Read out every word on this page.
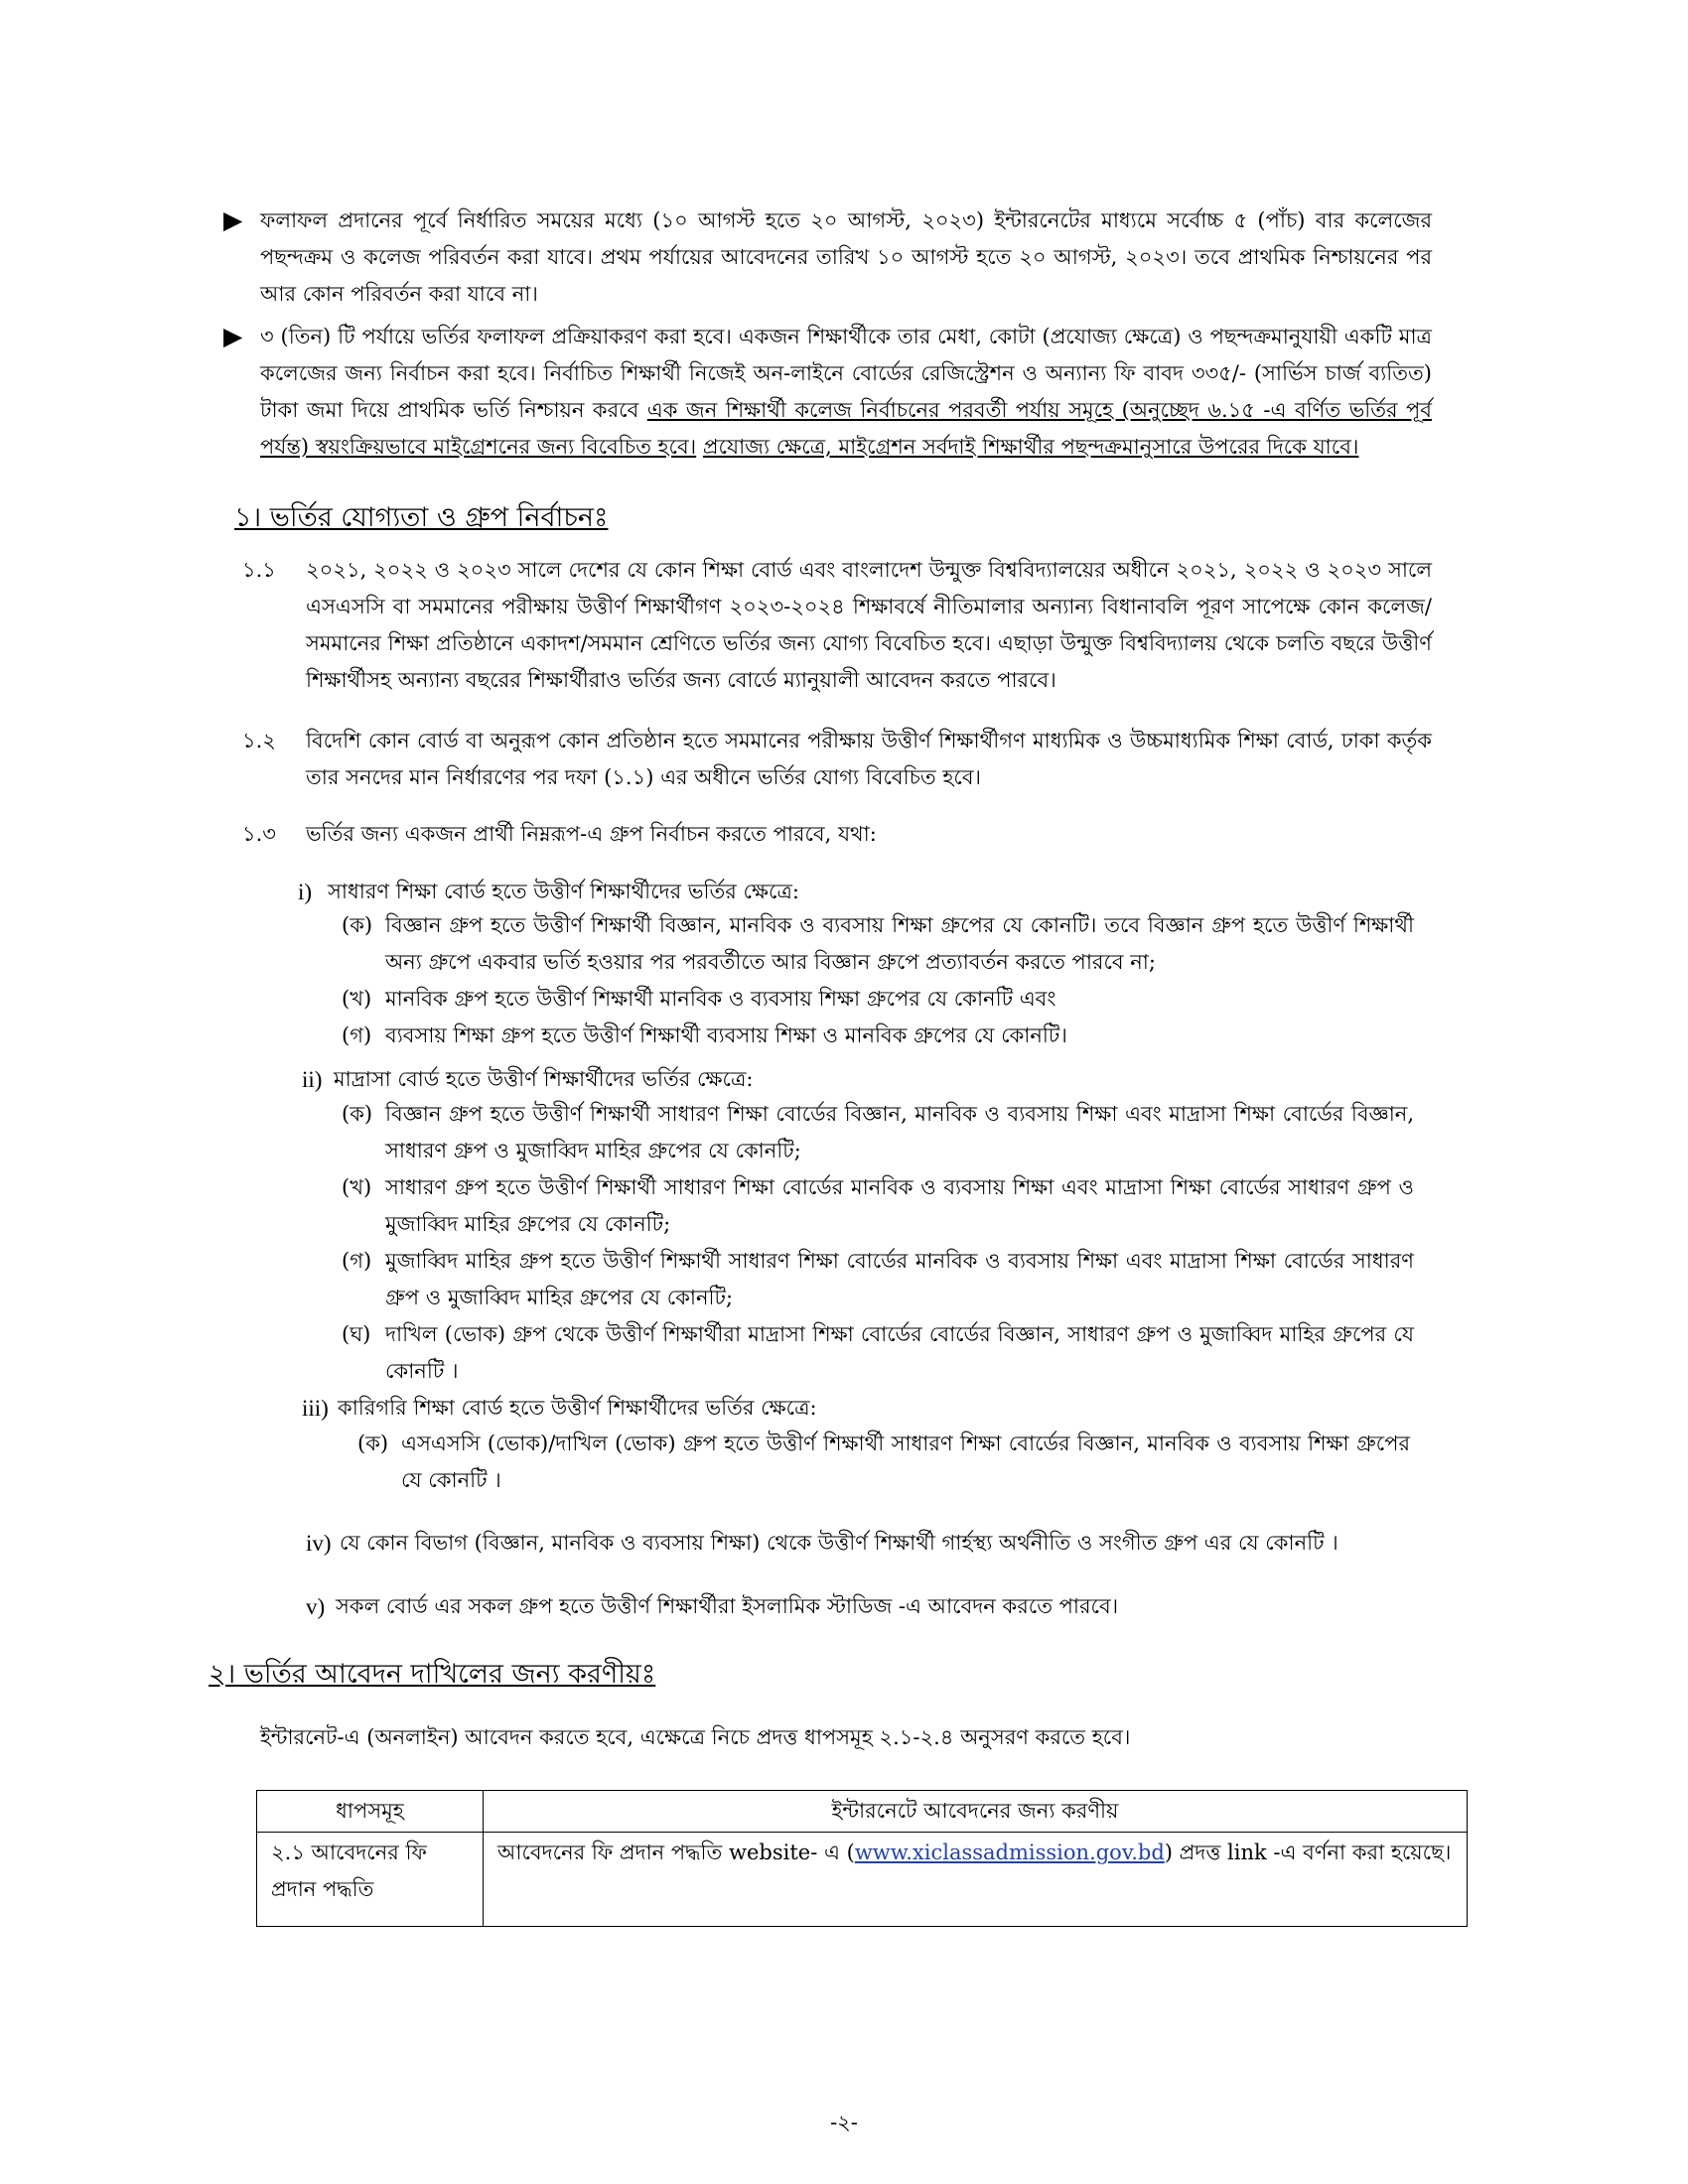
▶ ফলাফল প্রদানের পূর্বে নির্ধারিত সময়ের মধ্যে (১০ আগস্ট হতে ২০ আগস্ট, ২০২৩) ইন্টারনেটের মাধ্যমে সর্বোচ্চ ৫ (পাঁচ) বার কলেজের পছন্দক্রম ও কলেজ পরিবর্তন করা যাবে। প্রথম পর্যায়ের আবেদনের তারিখ ১০ আগস্ট হতে ২০ আগস্ট, ২০২৩। তবে প্রাথমিক নিশ্চায়নের পর আর কোন পরিবর্তন করা যাবে না।
▶ ৩ (তিন) টি পর্যায়ে ভর্তির ফলাফল প্রক্রিয়াকরণ করা হবে। একজন শিক্ষার্থীকে তার মেধা, কোটা (প্রযোজ্য ক্ষেত্রে) ও পছন্দক্রমানুযায়ী একটি মাত্র কলেজের জন্য নির্বাচন করা হবে। নির্বাচিত শিক্ষার্থী নিজেই অন-লাইনে বোর্ডের রেজিস্ট্রেশন ও অন্যান্য ফি বাবদ ৩৩৫/- (সার্ভিস চার্জ ব্যতিত) টাকা জমা দিয়ে প্রাথমিক ভর্তি নিশ্চায়ন করবে এক জন শিক্ষার্থী কলেজ নির্বাচনের পরবর্তী পর্যায় সমূহে (অনুচ্ছেদ ৬.১৫ -এ বর্ণিত ভর্তির পূর্ব পর্যন্ত) স্বয়ংক্রিয়ভাবে মাইগ্রেশনের জন্য বিবেচিত হবে। প্রযোজ্য ক্ষেত্রে, মাইগ্রেশন সর্বদাই শিক্ষার্থীর পছন্দক্রমানুসারে উপরের দিকে যাবে।
১। ভর্তির যোগ্যতা ও গ্রুপ নির্বাচনঃ
১.১ ২০২১, ২০২২ ও ২০২৩ সালে দেশের যে কোন শিক্ষা বোর্ড এবং বাংলাদেশ উন্মুক্ত বিশ্ববিদ্যালয়ের অধীনে ২০২১, ২০২২ ও ২০২৩ সালে এসএসসি বা সমমানের পরীক্ষায় উত্তীর্ণ শিক্ষার্থীগণ ২০২৩-২০২৪ শিক্ষাবর্ষে নীতিমালার অন্যান্য বিধানাবলি পূরণ সাপেক্ষে কোন কলেজ/সমমানের শিক্ষা প্রতিষ্ঠানে একাদশ/সমমান শ্রেণিতে ভর্তির জন্য যোগ্য বিবেচিত হবে। এছাড়া উন্মুক্ত বিশ্ববিদ্যালয় থেকে চলতি বছরে উত্তীর্ণ শিক্ষার্থীসহ অন্যান্য বছরের শিক্ষার্থীরাও ভর্তির জন্য বোর্ডে ম্যানুয়ালী আবেদন করতে পারবে।
১.২ বিদেশি কোন বোর্ড বা অনুরূপ কোন প্রতিষ্ঠান হতে সমমানের পরীক্ষায় উত্তীর্ণ শিক্ষার্থীগণ মাধ্যমিক ও উচ্চমাধ্যমিক শিক্ষা বোর্ড, ঢাকা কর্তৃক তার সনদের মান নির্ধারণের পর দফা (১.১) এর অধীনে ভর্তির যোগ্য বিবেচিত হবে।
১.৩ ভর্তির জন্য একজন প্রার্থী নিম্নরূপ-এ গ্রুপ নির্বাচন করতে পারবে, যথা:
i) সাধারণ শিক্ষা বোর্ড হতে উত্তীর্ণ শিক্ষার্থীদের ভর্তির ক্ষেত্রে:
(ক) বিজ্ঞান গ্রুপ হতে উত্তীর্ণ শিক্ষার্থী বিজ্ঞান, মানবিক ও ব্যবসায় শিক্ষা গ্রুপের যে কোনটি। তবে বিজ্ঞান গ্রুপ হতে উত্তীর্ণ শিক্ষার্থী অন্য গ্রুপে একবার ভর্তি হওয়ার পর পরবর্তীতে আর বিজ্ঞান গ্রুপে প্রত্যাবর্তন করতে পারবে না;
(খ) মানবিক গ্রুপ হতে উত্তীর্ণ শিক্ষার্থী মানবিক ও ব্যবসায় শিক্ষা গ্রুপের যে কোনটি এবং
(গ) ব্যবসায় শিক্ষা গ্রুপ হতে উত্তীর্ণ শিক্ষার্থী ব্যবসায় শিক্ষা ও মানবিক গ্রুপের যে কোনটি।
ii) মাদ্রাসা বোর্ড হতে উত্তীর্ণ শিক্ষার্থীদের ভর্তির ক্ষেত্রে:
(ক) বিজ্ঞান গ্রুপ হতে উত্তীর্ণ শিক্ষার্থী সাধারণ শিক্ষা বোর্ডের বিজ্ঞান, মানবিক ও ব্যবসায় শিক্ষা এবং মাদ্রাসা শিক্ষা বোর্ডের বিজ্ঞান, সাধারণ গ্রুপ ও মুজাব্বিদ মাহির গ্রুপের যে কোনটি;
(খ) সাধারণ গ্রুপ হতে উত্তীর্ণ শিক্ষার্থী সাধারণ শিক্ষা বোর্ডের মানবিক ও ব্যবসায় শিক্ষা এবং মাদ্রাসা শিক্ষা বোর্ডের সাধারণ গ্রুপ ও মুজাব্বিদ মাহির গ্রুপের যে কোনটি;
(গ) মুজাব্বিদ মাহির গ্রুপ হতে উত্তীর্ণ শিক্ষার্থী সাধারণ শিক্ষা বোর্ডের মানবিক ও ব্যবসায় শিক্ষা এবং মাদ্রাসা শিক্ষা বোর্ডের সাধারণ গ্রুপ ও মুজাব্বিদ মাহির গ্রুপের যে কোনটি;
(ঘ) দাখিল (ভোক) গ্রুপ থেকে উত্তীর্ণ শিক্ষার্থীরা মাদ্রাসা শিক্ষা বোর্ডের বোর্ডের বিজ্ঞান, সাধারণ গ্রুপ ও মুজাব্বিদ মাহির গ্রুপের যে কোনটি ।
iii) কারিগরি শিক্ষা বোর্ড হতে উত্তীর্ণ শিক্ষার্থীদের ভর্তির ক্ষেত্রে:
(ক) এসএসসি (ভোক)/দাখিল (ভোক) গ্রুপ হতে উত্তীর্ণ শিক্ষার্থী সাধারণ শিক্ষা বোর্ডের বিজ্ঞান, মানবিক ও ব্যবসায় শিক্ষা গ্রুপের যে কোনটি ।
iv) যে কোন বিভাগ (বিজ্ঞান, মানবিক ও ব্যবসায় শিক্ষা) থেকে উত্তীর্ণ শিক্ষার্থী গার্হস্থ্য অর্থনীতি ও সংগীত গ্রুপ এর যে কোনটি ।
v) সকল বোর্ড এর সকল গ্রুপ হতে উত্তীর্ণ শিক্ষার্থীরা ইসলামিক স্টাডিজ -এ আবেদন করতে পারবে।
২। ভর্তির আবেদন দাখিলের জন্য করণীয়ঃ
ইন্টারনেট-এ (অনলাইন) আবেদন করতে হবে, এক্ষেত্রে নিচে প্রদত্ত ধাপসমূহ ২.১-২.৪ অনুসরণ করতে হবে।
ধাপসমূহ	ইন্টারনেটে আবেদনের জন্য করণীয়
২.১ আবেদনের ফি প্রদান পদ্ধতি	আবেদনের ফি প্রদান পদ্ধতি website- এ (www.xiclassadmission.gov.bd) প্রদত্ত link -এ বর্ণনা করা হয়েছে।
-২-
